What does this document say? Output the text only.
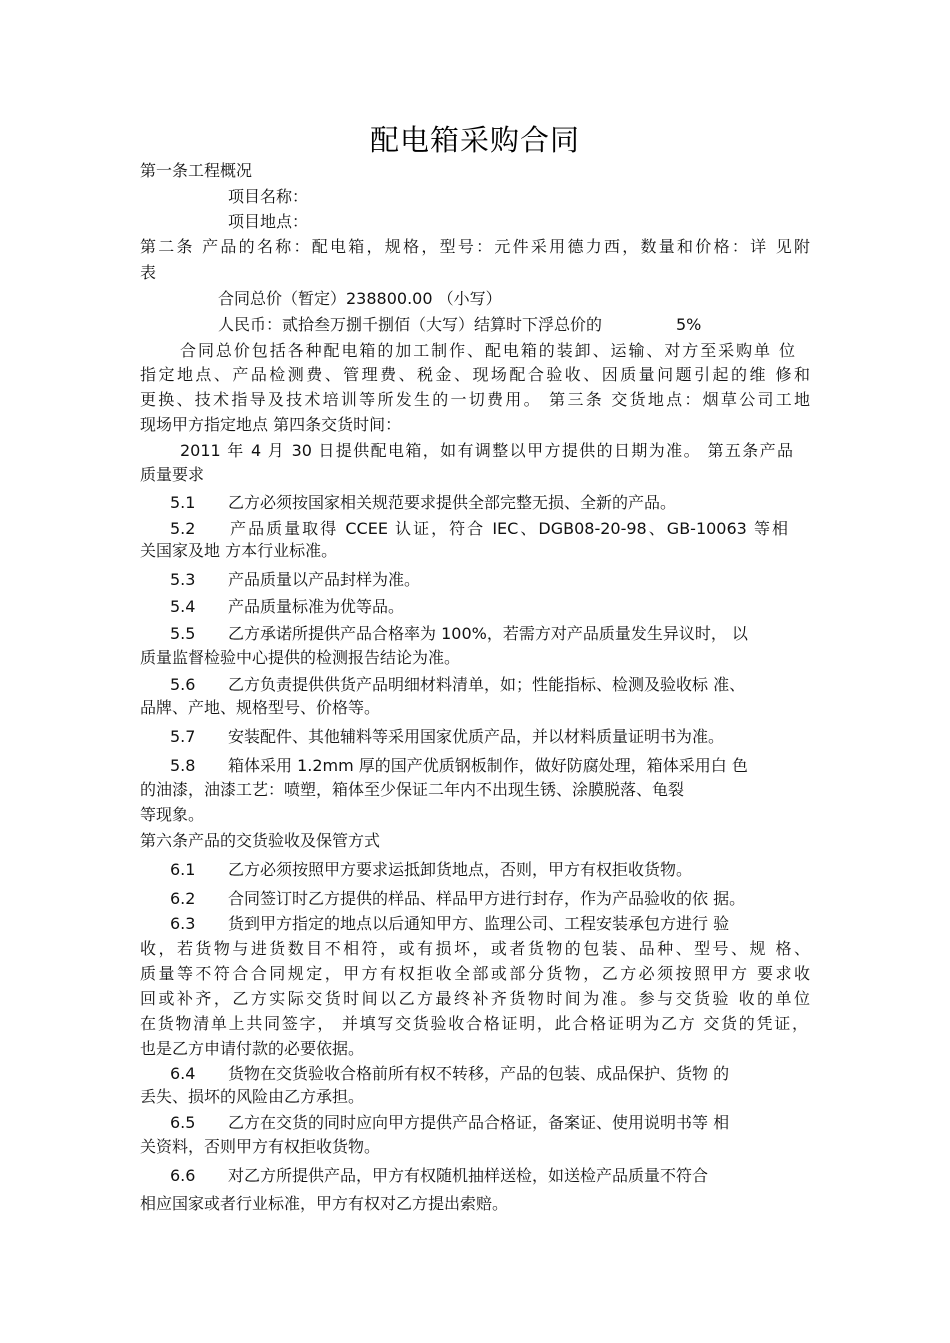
配电箱采购合同
第一条工程概况
项目名称：
项目地点：
第二条 产品的名称：配电箱，规格，型号：元件采用德力西，数量和价格：详 见附
表
合同总价（暂定）238800.00 （小写）
人民币：贰拾叁万捌千捌佰（大写）结算时下浮总价的	5%
合同总价包括各种配电箱的加工制作、配电箱的装卸、运输、对方至采购单 位
指定地点、产品检测费、管理费、税金、现场配合验收、因质量问题引起的维 修和
更换、技术指导及技术培训等所发生的一切费用。 第三条 交货地点：烟草公司工地
现场甲方指定地点 第四条交货时间：
2011 年 4 月 30 日提供配电箱，如有调整以甲方提供的日期为准。 第五条产品
质量要求
5.1 乙方必须按国家相关规范要求提供全部完整无损、全新的产品。
5.2 产品质量取得 CCEE 认证，符合 IEC、DGB08-20-98、GB-10063 等相
关国家及地 方本行业标准。
5.3 产品质量以产品封样为准。
5.4 产品质量标准为优等品。
5.5 乙方承诺所提供产品合格率为 100%，若需方对产品质量发生异议时， 以
质量监督检验中心提供的检测报告结论为准。
5.6 乙方负责提供供货产品明细材料清单，如；性能指标、检测及验收标 准、
品牌、产地、规格型号、价格等。
5.7 安装配件、其他辅料等采用国家优质产品，并以材料质量证明书为准。
5.8 箱体采用 1.2mm 厚的国产优质钢板制作，做好防腐处理，箱体采用白 色
的油漆，油漆工艺：喷塑，箱体至少保证二年内不出现生锈、涂膜脱落、龟裂
等现象。
第六条产品的交货验收及保管方式
6.1 乙方必须按照甲方要求运抵卸货地点，否则，甲方有权拒收货物。
6.2 合同签订时乙方提供的样品、样品甲方进行封存，作为产品验收的依 据。
6.3 货到甲方指定的地点以后通知甲方、监理公司、工程安装承包方进行 验
收，若货物与进货数目不相符，或有损坏，或者货物的包装、品种、型号、规 格、
质量等不符合合同规定，甲方有权拒收全部或部分货物，乙方必须按照甲方 要求收
回或补齐，乙方实际交货时间以乙方最终补齐货物时间为准。参与交货验 收的单位
在货物清单上共同签字， 并填写交货验收合格证明，此合格证明为乙方 交货的凭证，
也是乙方申请付款的必要依据。
6.4 货物在交货验收合格前所有权不转移，产品的包装、成品保护、货物 的
丢失、损坏的风险由乙方承担。
6.5 乙方在交货的同时应向甲方提供产品合格证，备案证、使用说明书等 相
关资料，否则甲方有权拒收货物。
6.6 对乙方所提供产品，甲方有权随机抽样送检，如送检产品质量不符合
相应国家或者行业标准，甲方有权对乙方提出索赔。
